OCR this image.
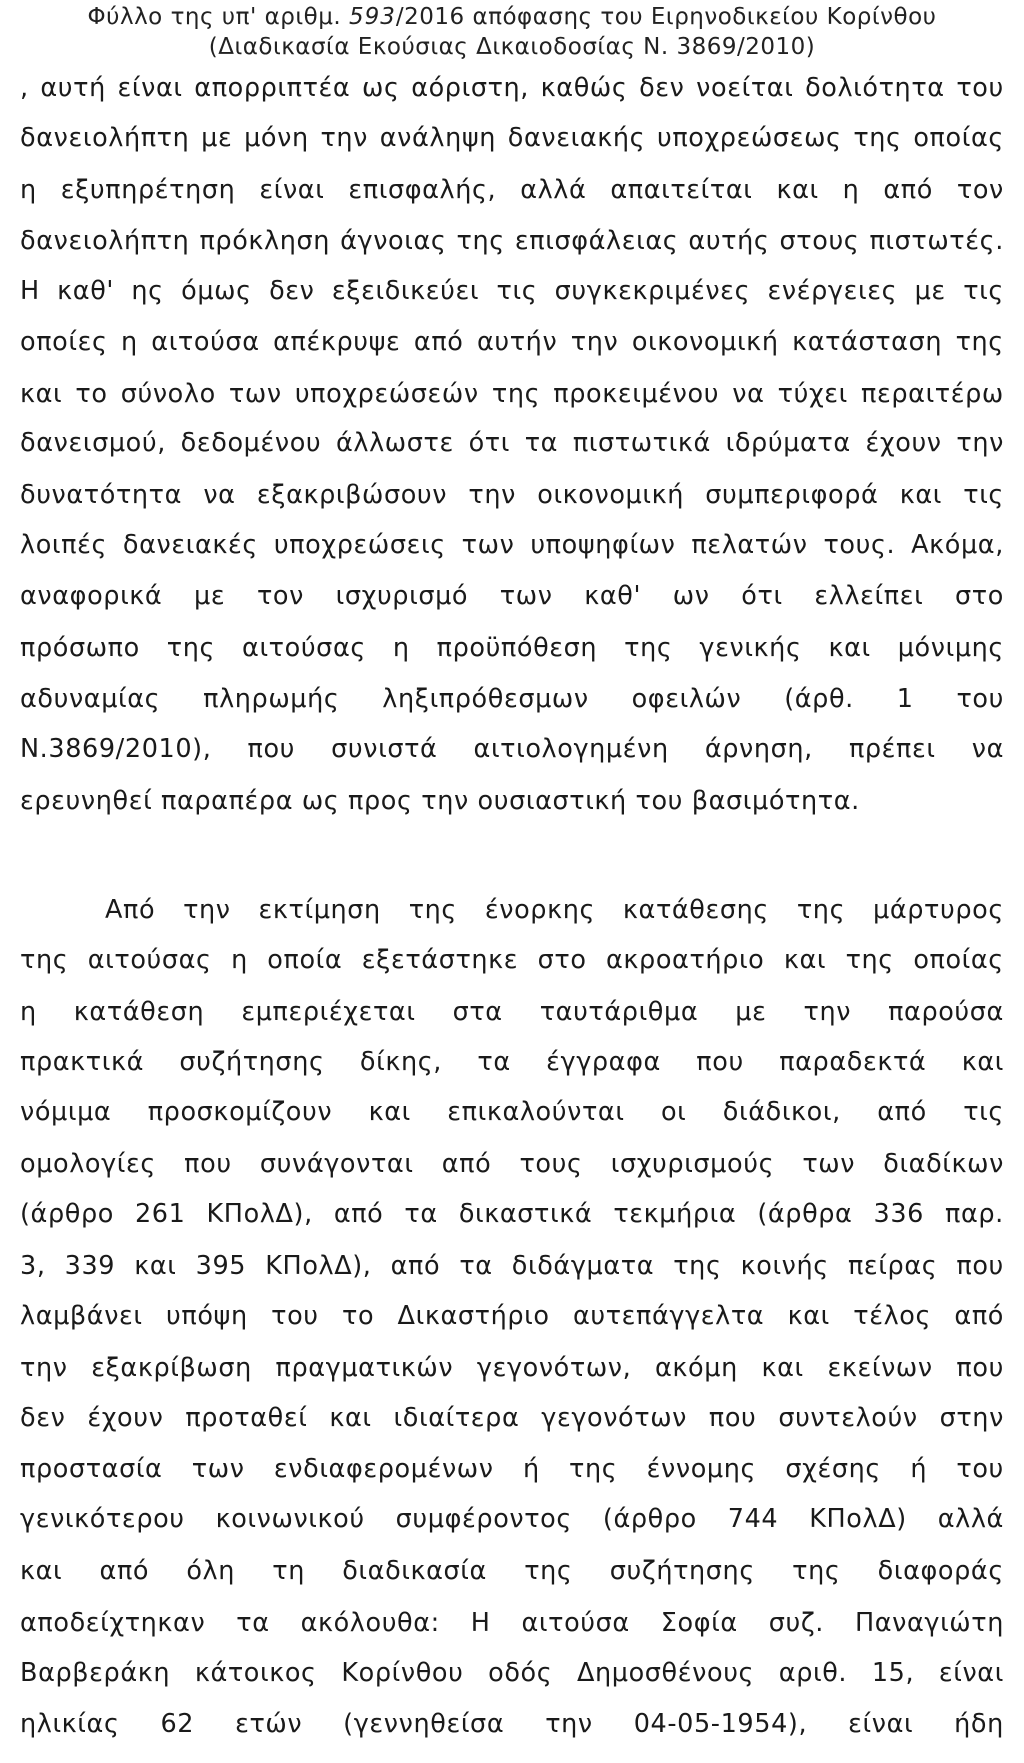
Φύλλο της υπ' αριθμ. 593/2016 απόφασης του Ειρηνοδικείου Κορίνθου
(Διαδικασία Εκούσιας Δικαιοδοσίας Ν. 3869/2010)
, αυτή είναι απορριπτέα ως αόριστη, καθώς δεν νοείται δολιότητα του
δανειολήπτη με μόνη την ανάληψη δανειακής υποχρεώσεως της οποίας
η εξυπηρέτηση είναι επισφαλής, αλλά απαιτείται και η από τον
δανειολήπτη πρόκληση άγνοιας της επισφάλειας αυτής στους πιστωτές.
Η καθ' ης όμως δεν εξειδικεύει τις συγκεκριμένες ενέργειες με τις
οποίες η αιτούσα απέκρυψε από αυτήν την οικονομική κατάσταση της
και το σύνολο των υποχρεώσεών της προκειμένου να τύχει περαιτέρω
δανεισμού, δεδομένου άλλωστε ότι τα πιστωτικά ιδρύματα έχουν την
δυνατότητα να εξακριβώσουν την οικονομική συμπεριφορά και τις
λοιπές δανειακές υποχρεώσεις των υποψηφίων πελατών τους. Ακόμα,
αναφορικά με τον ισχυρισμό των καθ' ων ότι ελλείπει στο
πρόσωπο της αιτούσας η προϋπόθεση της γενικής και μόνιμης
αδυναμίας πληρωμής ληξιπρόθεσμων οφειλών (άρθ. 1 του
Ν.3869/2010), που συνιστά αιτιολογημένη άρνηση, πρέπει να
ερευνηθεί παραπέρα ως προς την ουσιαστική του βασιμότητα.
Από την εκτίμηση της ένορκης κατάθεσης της μάρτυρος
της αιτούσας η οποία εξετάστηκε στο ακροατήριο και της οποίας
η κατάθεση εμπεριέχεται στα ταυτάριθμα με την παρούσα
πρακτικά συζήτησης δίκης, τα έγγραφα που παραδεκτά και
νόμιμα προσκομίζουν και επικαλούνται οι διάδικοι, από τις
ομολογίες που συνάγονται από τους ισχυρισμούς των διαδίκων
(άρθρο 261 ΚΠολΔ), από τα δικαστικά τεκμήρια (άρθρα 336 παρ.
3, 339 και 395 ΚΠολΔ), από τα διδάγματα της κοινής πείρας που
λαμβάνει υπόψη του το Δικαστήριο αυτεπάγγελτα και τέλος από
την εξακρίβωση πραγματικών γεγονότων, ακόμη και εκείνων που
δεν έχουν προταθεί και ιδιαίτερα γεγονότων που συντελούν στην
προστασία των ενδιαφερομένων ή της έννομης σχέσης ή του
γενικότερου κοινωνικού συμφέροντος (άρθρο 744 ΚΠολΔ) αλλά
και από όλη τη διαδικασία της συζήτησης της διαφοράς
αποδείχτηκαν τα ακόλουθα: Η αιτούσα Σοφία συζ. Παναγιώτη
Βαρβεράκη κάτοικος Κορίνθου οδός Δημοσθένους αριθ. 15, είναι
ηλικίας 62 ετών (γεννηθείσα την 04-05-1954), είναι ήδη
